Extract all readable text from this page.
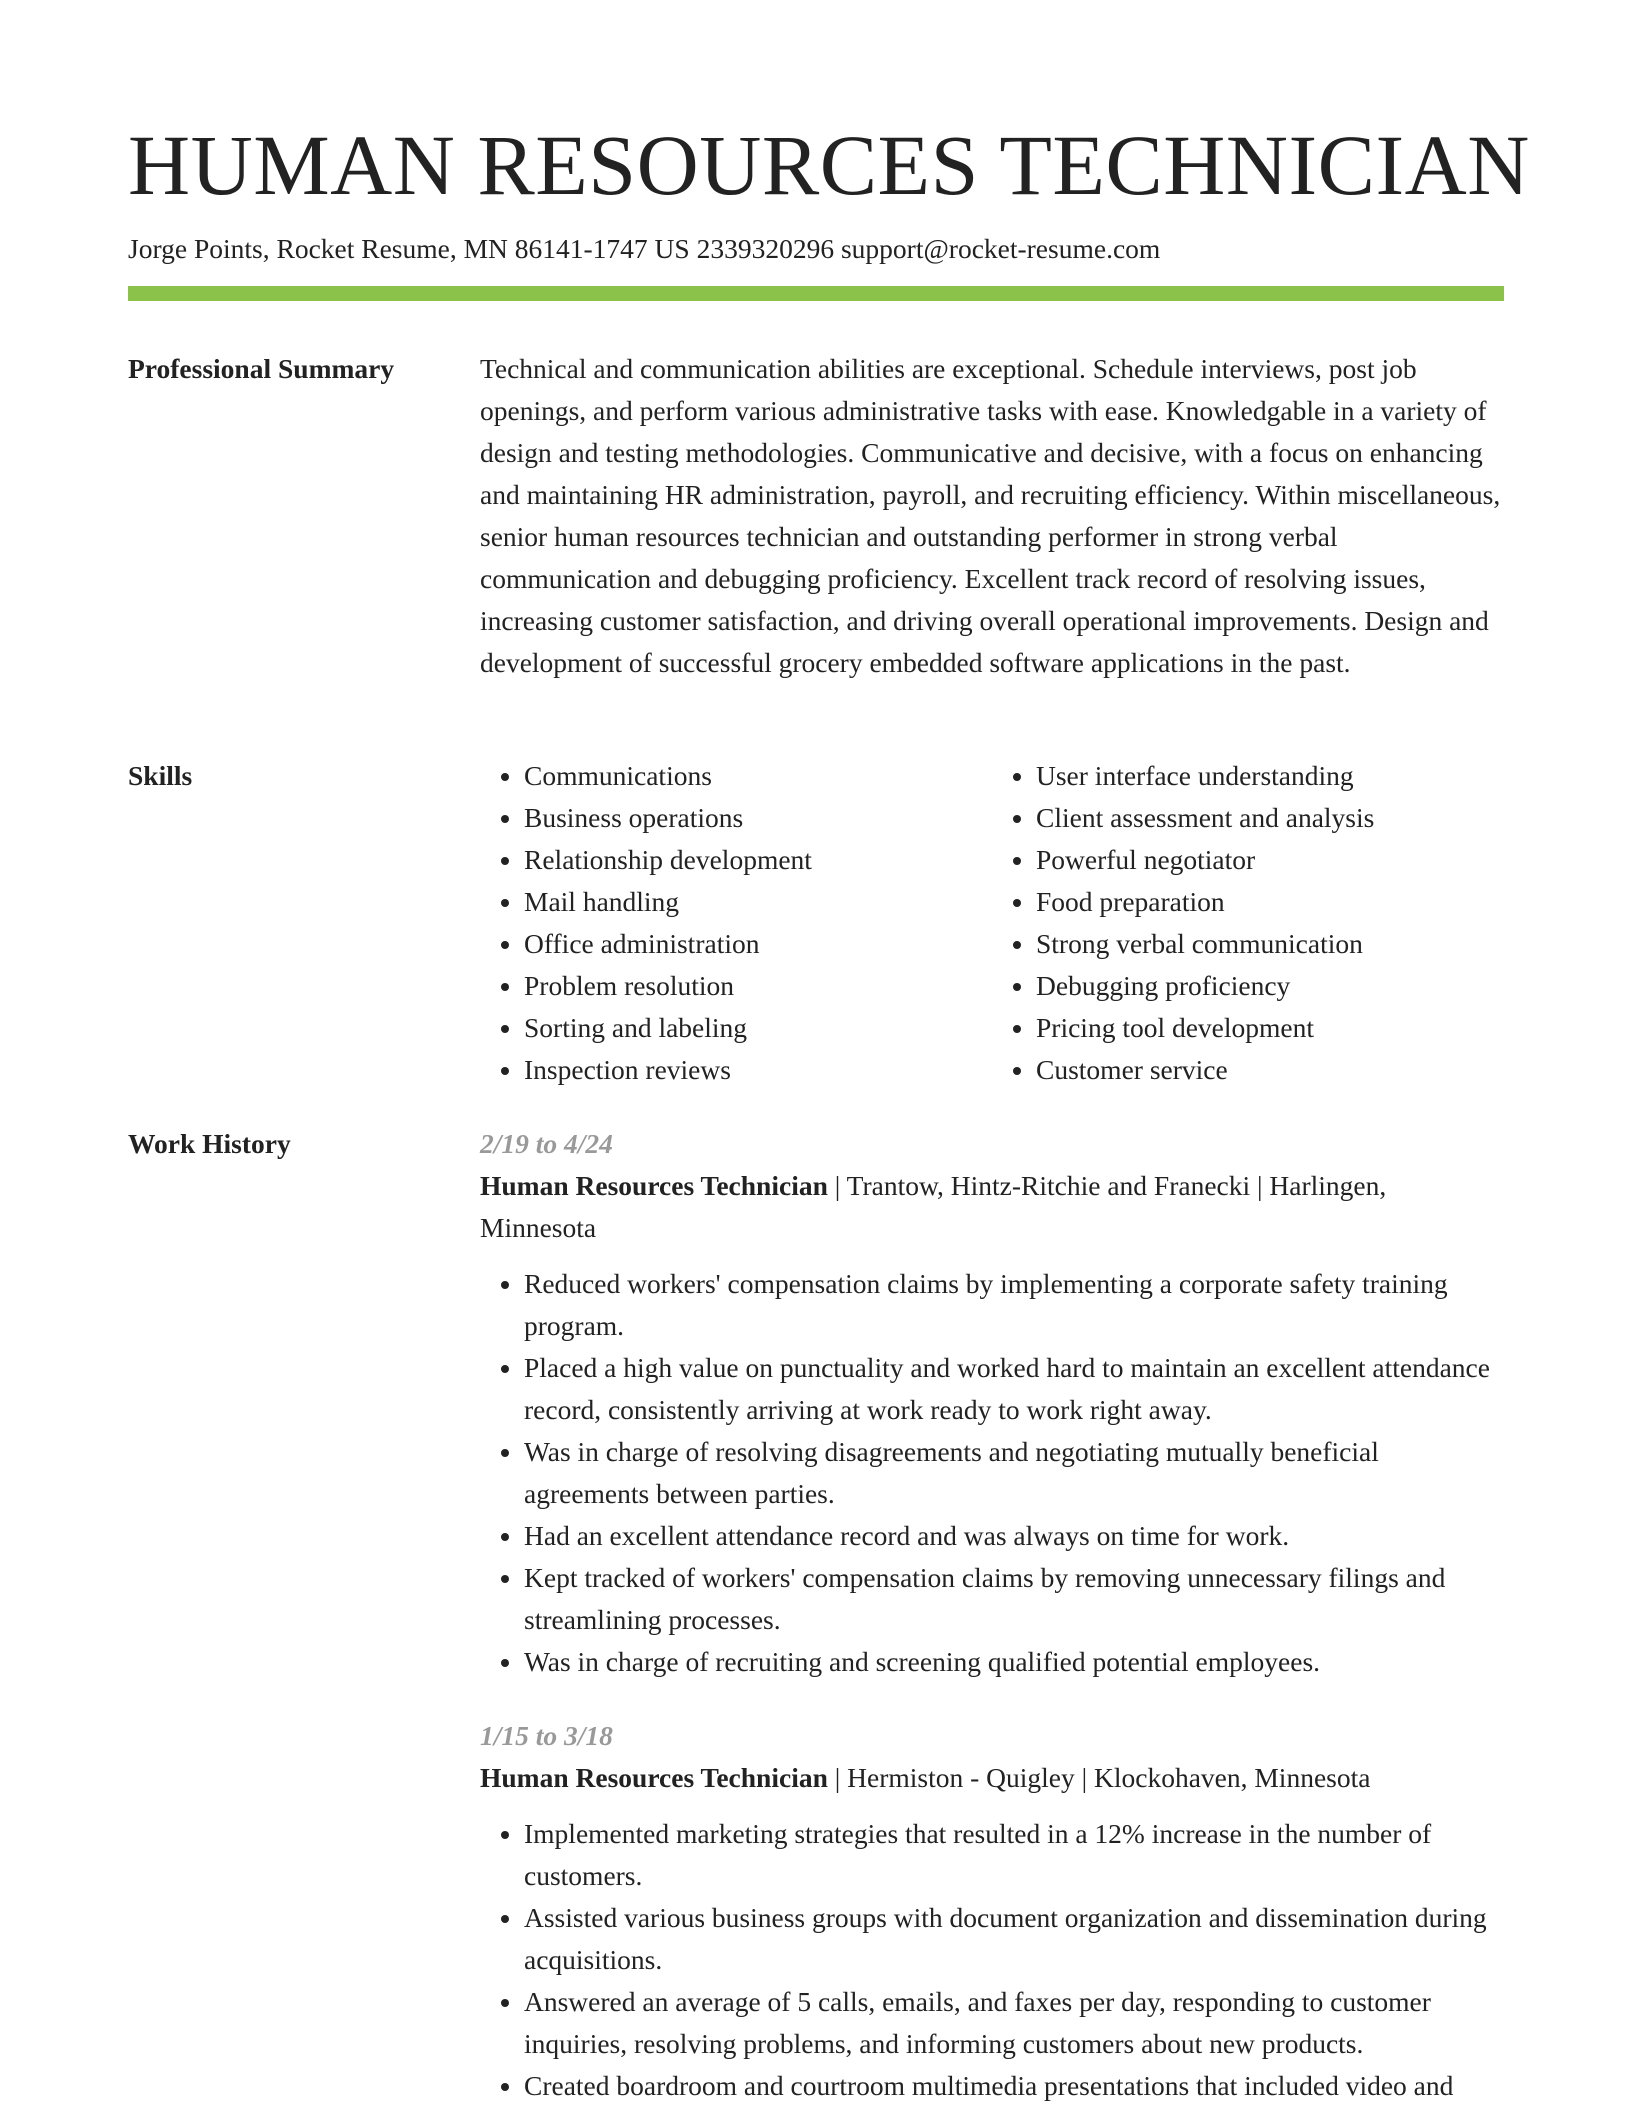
HUMAN RESOURCES TECHNICIAN
Jorge Points, Rocket Resume, MN 86141-1747 US 2339320296 support@rocket-resume.com
Professional Summary	Technical and communication abilities are exceptional. Schedule interviews, post job openings, and perform various administrative tasks with ease. Knowledgable in a variety of design and testing methodologies. Communicative and decisive, with a focus on enhancing and maintaining HR administration, payroll, and recruiting efficiency. Within miscellaneous, senior human resources technician and outstanding performer in strong verbal communication and debugging proficiency. Excellent track record of resolving issues, increasing customer satisfaction, and driving overall operational improvements. Design and development of successful grocery embedded software applications in the past.

Skills
•	Communications
• Business operations
• Relationship development
• Mail handling
• Office administration
• Problem resolution
• Sorting and labeling
• Inspection reviews
• User interface understanding
• Client assessment and analysis
• Powerful negotiator
• Food preparation
• Strong verbal communication
• Debugging proficiency
• Pricing tool development
• Customer service
Work History	2/19 to 4/24
Human Resources Technician | Trantow, Hintz-Ritchie and Franecki | Harlingen, Minnesota
• Reduced workers' compensation claims by implementing a corporate safety training program.
• Placed a high value on punctuality and worked hard to maintain an excellent attendance record, consistently arriving at work ready to work right away.
• Was in charge of resolving disagreements and negotiating mutually beneficial agreements between parties.
• Had an excellent attendance record and was always on time for work.
• Kept tracked of workers' compensation claims by removing unnecessary filings and streamlining processes.
• Was in charge of recruiting and screening qualified potential employees.
1/15 to 3/18
Human Resources Technician | Hermiston - Quigley | Klockohaven, Minnesota
• Implemented marketing strategies that resulted in a 12% increase in the number of customers.
• Assisted various business groups with document organization and dissemination during acquisitions.
• Answered an average of 5 calls, emails, and faxes per day, responding to customer inquiries, resolving problems, and informing customers about new products.
• Created boardroom and courtroom multimedia presentations that included video and
